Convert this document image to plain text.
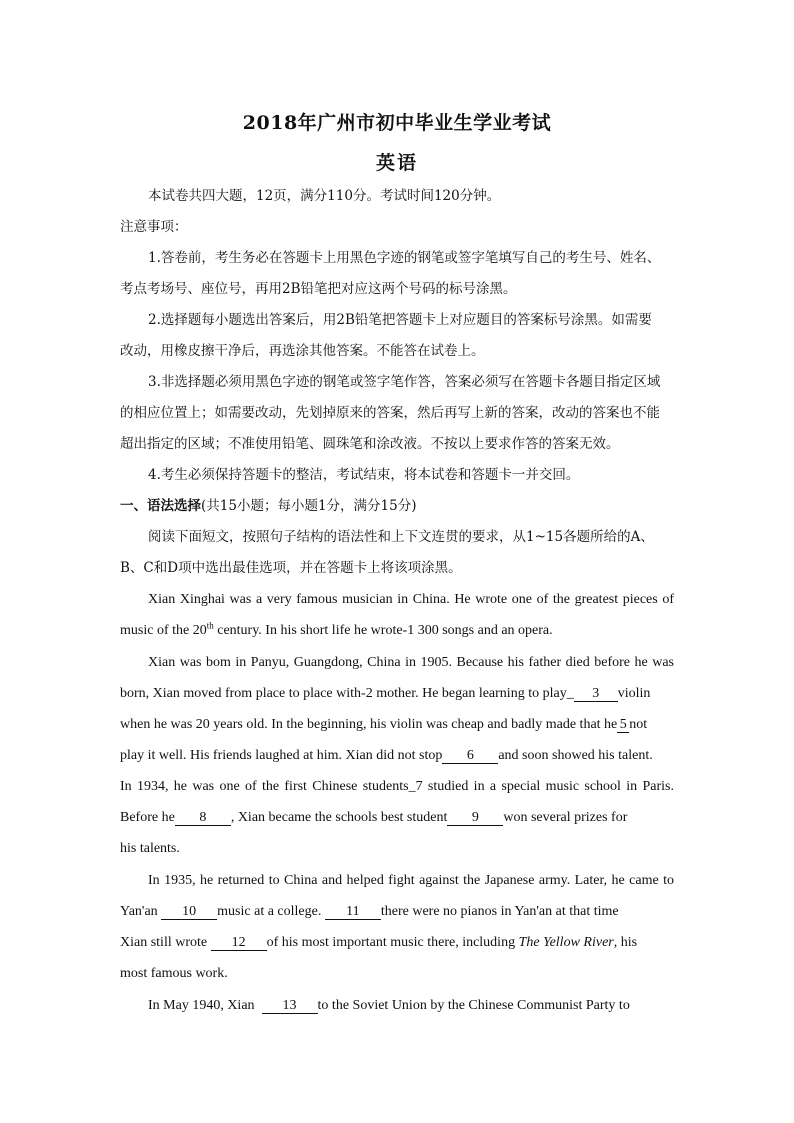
2018年广州市初中毕业生学业考试
英语
本试卷共四大题，12页，满分110分。考试时间120分钟。
注意事项：
1.答卷前，考生务必在答题卡上用黑色字迹的钢笔或签字笔填写自己的考生号、姓名、
考点考场号、座位号，再用2B铅笔把对应这两个号码的标号涂黑。
2.选择题每小题选出答案后，用2B铅笔把答题卡上对应题目的答案标号涂黑。如需要
改动，用橡皮擦干净后，再选涂其他答案。不能答在试卷上。
3.非选择题必须用黑色字迹的钢笔或签字笔作答，答案必须写在答题卡各题目指定区域
的相应位置上；如需要改动，先划掉原来的答案，然后再写上新的答案，改动的答案也不能
超出指定的区域；不准使用铅笔、圆珠笔和涂改液。不按以上要求作答的答案无效。
4.考生必须保持答题卡的整洁，考试结束，将本试卷和答题卡一并交回。
一、语法选择(共15小题；每小题1分，满分15分)
阅读下面短文，按照句子结构的语法性和上下文连贯的要求，从1~15各题所给的A、
B、C和D项中选出最佳选项，并在答题卡上将该项涂黑。
Xian Xinghai was a very famous musician in China. He wrote one of the greatest pieces of
music of the 20th century. In his short life he wrote-1 300 songs and an opera.
Xian was bom in Panyu, Guangdong, China in 1905. Because his father died before he was
born, Xian moved from place to place with-2 mother. He began learning to play_ 3 violin
when he was 20 years old. In the beginning, his violin was cheap and badly made that he 5 not
play it well. His friends laughed at him. Xian did not stop 6 and soon showed his talent.
In 1934, he was one of the first Chinese students_7 studied in a special music school in Paris.
Before he 8 , Xian became the schools best student 9 won several prizes for
his talents.
In 1935, he returned to China and helped fight against the Japanese army. Later, he came to
Yan'an 10 music at a college. 11 there were no pianos in Yan'an at that time
Xian still wrote 12 of his most important music there, including The Yellow River, his
most famous work.
In May 1940, Xian 13 to the Soviet Union by the Chinese Communist Party to
